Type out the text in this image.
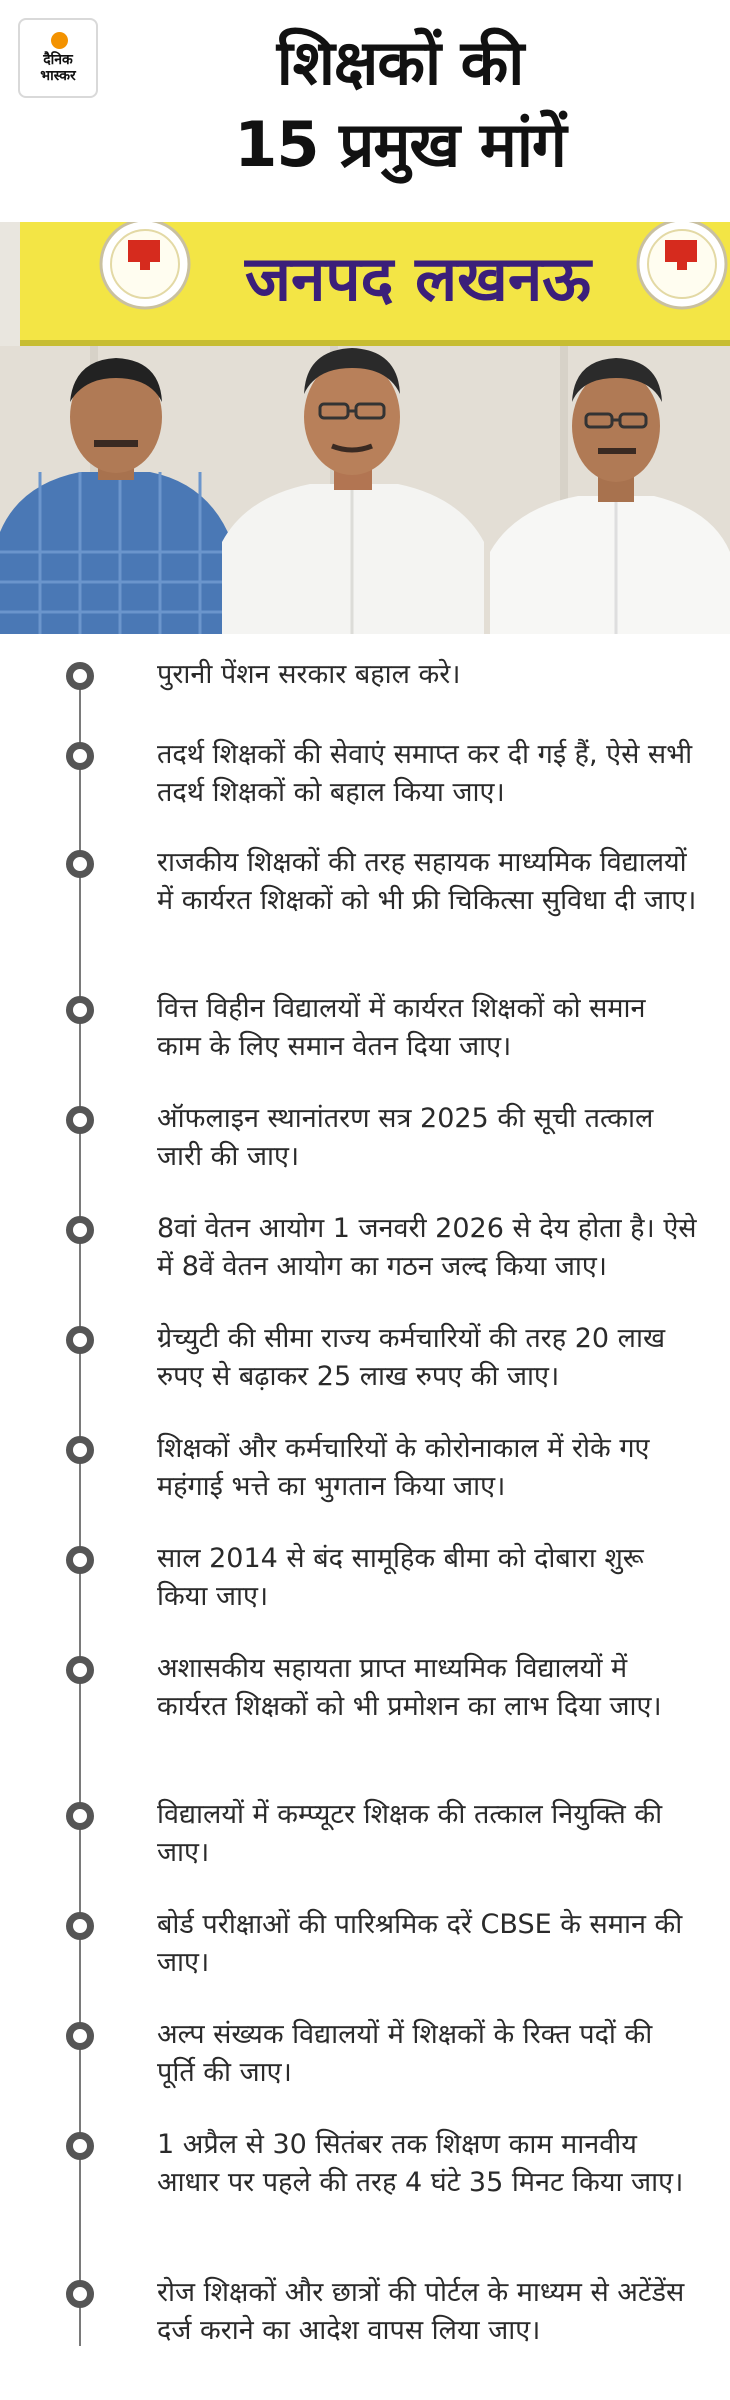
दैनिक
भास्कर	शिक्षकों की
15 प्रमुख मांगें
जनपद लखनऊ

पुरानी पेंशन सरकार बहाल करे।

तदर्थ शिक्षकों की सेवाएं समाप्त कर दी गई हैं, ऐसे सभी तदर्थ शिक्षकों को बहाल किया जाए।

राजकीय शिक्षकों की तरह सहायक माध्यमिक विद्यालयों में कार्यरत शिक्षकों को भी फ्री चिकित्सा सुविधा दी जाए।

वित्त विहीन विद्यालयों में कार्यरत शिक्षकों को समान काम के लिए समान वेतन दिया जाए।

ऑफलाइन स्थानांतरण सत्र 2025 की सूची तत्काल जारी की जाए।

8वां वेतन आयोग 1 जनवरी 2026 से देय होता है। ऐसे में 8वें वेतन आयोग का गठन जल्द किया जाए।

ग्रेच्युटी की सीमा राज्य कर्मचारियों की तरह 20 लाख रुपए से बढ़ाकर 25 लाख रुपए की जाए।

शिक्षकों और कर्मचारियों के कोरोनाकाल में रोके गए महंगाई भत्ते का भुगतान किया जाए।

साल 2014 से बंद सामूहिक बीमा को दोबारा शुरू किया जाए।

अशासकीय सहायता प्राप्त माध्यमिक विद्यालयों में कार्यरत शिक्षकों को भी प्रमोशन का लाभ दिया जाए।

विद्यालयों में कम्प्यूटर शिक्षक की तत्काल नियुक्ति की जाए।

बोर्ड परीक्षाओं की पारिश्रमिक दरें CBSE के समान की जाए।

अल्प संख्यक विद्यालयों में शिक्षकों के रिक्त पदों की पूर्ति की जाए।

1 अप्रैल से 30 सितंबर तक शिक्षण काम मानवीय आधार पर पहले की तरह 4 घंटे 35 मिनट किया जाए।

रोज शिक्षकों और छात्रों की पोर्टल के माध्यम से अटेंडेंस दर्ज कराने का आदेश वापस लिया जाए।
